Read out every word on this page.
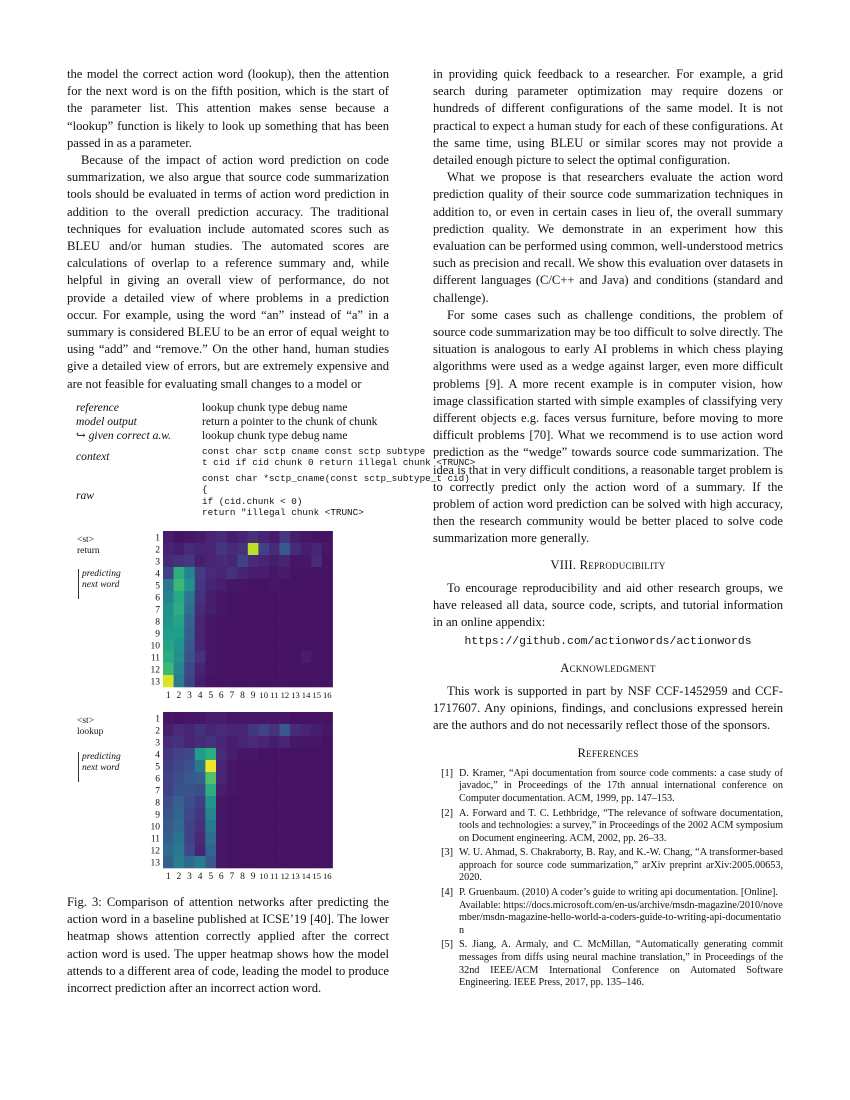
the model the correct action word (lookup), then the attention for the next word is on the fifth position, which is the start of the parameter list. This attention makes sense because a “lookup” function is likely to look up something that has been passed in as a parameter.

Because of the impact of action word prediction on code summarization, we also argue that source code summarization tools should be evaluated in terms of action word prediction in addition to the overall prediction accuracy. The traditional techniques for evaluation include automated scores such as BLEU and/or human studies. The automated scores are calculations of overlap to a reference summary and, while helpful in giving an overall view of performance, do not provide a detailed view of where problems in a prediction occur. For example, using the word “an” instead of “a” in a summary is considered BLEU to be an error of equal weight to using “add” and “remove.” On the other hand, human studies give a detailed view of errors, but are extremely expensive and are not feasible for evaluating small changes to a model or

reference	lookup chunk type debug name
model output	return a pointer to the chunk of chunk
↪ given correct a.w.	lookup chunk type debug name
context	const char sctp cname const sctp subtype
t cid if cid chunk 0 return illegal chunk <TRUNC>
raw
const char *sctp_cname(const sctp_subtype_t cid)
{
if (cid.chunk < 0)
return "illegal chunk <TRUNC>
<st>
return
predicting
next word
1
2
3
4
5
6
7
8
9
10
11
12
13
1 2 3 4 5 6 7 8 9 10 11 12 13 14 15 16
<st>
lookup
predicting
next word
1
2
3
4
5
6
7
8
9
10
11
12
13
1 2 3 4 5 6 7 8 9 10 11 12 13 14 15 16
Fig. 3: Comparison of attention networks after predicting the action word in a baseline published at ICSE’19 [40]. The lower heatmap shows attention correctly applied after the correct action word is used. The upper heatmap shows how the model attends to a different area of code, leading the model to produce incorrect prediction after an incorrect action word.

in providing quick feedback to a researcher. For example, a grid search during parameter optimization may require dozens or hundreds of different configurations of the same model. It is not practical to expect a human study for each of these configurations. At the same time, using BLEU or similar scores may not provide a detailed enough picture to select the optimal configuration.

What we propose is that researchers evaluate the action word prediction quality of their source code summarization techniques in addition to, or even in certain cases in lieu of, the overall summary prediction quality. We demonstrate in an experiment how this evaluation can be performed using common, well-understood metrics such as precision and recall. We show this evaluation over datasets in different languages (C/C++ and Java) and conditions (standard and challenge).

For some cases such as challenge conditions, the problem of source code summarization may be too difficult to solve directly. The situation is analogous to early AI problems in which chess playing algorithms were used as a wedge against larger, even more difficult problems [9]. A more recent example is in computer vision, how image classification started with simple examples of classifying very different objects e.g. faces versus furniture, before moving to more difficult problems [70]. What we recommend is to use action word prediction as the “wedge” towards source code summarization. The idea is that in very difficult conditions, a reasonable target problem is to correctly predict only the action word of a summary. If the problem of action word prediction can be solved with high accuracy, then the research community would be better placed to solve code summarization more generally.

VIII. Reproducibility

To encourage reproducibility and aid other research groups, we have released all data, source code, scripts, and tutorial information in an online appendix:

https://github.com/actionwords/actionwords
Acknowledgment

This work is supported in part by NSF CCF-1452959 and CCF-1717607. Any opinions, findings, and conclusions expressed herein are the authors and do not necessarily reflect those of the sponsors.

References
[1] D. Kramer, “Api documentation from source code comments: a case study of javadoc,” in Proceedings of the 17th annual international conference on Computer documentation. ACM, 1999, pp. 147–153.
[2] A. Forward and T. C. Lethbridge, “The relevance of software documentation, tools and technologies: a survey,” in Proceedings of the 2002 ACM symposium on Document engineering. ACM, 2002, pp. 26–33.
[3] W. U. Ahmad, S. Chakraborty, B. Ray, and K.-W. Chang, “A transformer-based approach for source code summarization,” arXiv preprint arXiv:2005.00653, 2020.
[4] P. Gruenbaum. (2010) A coder’s guide to writing api documentation. [Online]. Available: https://docs.microsoft.com/en-us/archive/msdn-magazine/2010/november/msdn-magazine-hello-world-a-coders-guide-to-writing-api-documentation
[5] S. Jiang, A. Armaly, and C. McMillan, “Automatically generating commit messages from diffs using neural machine translation,” in Proceedings of the 32nd IEEE/ACM International Conference on Automated Software Engineering. IEEE Press, 2017, pp. 135–146.
